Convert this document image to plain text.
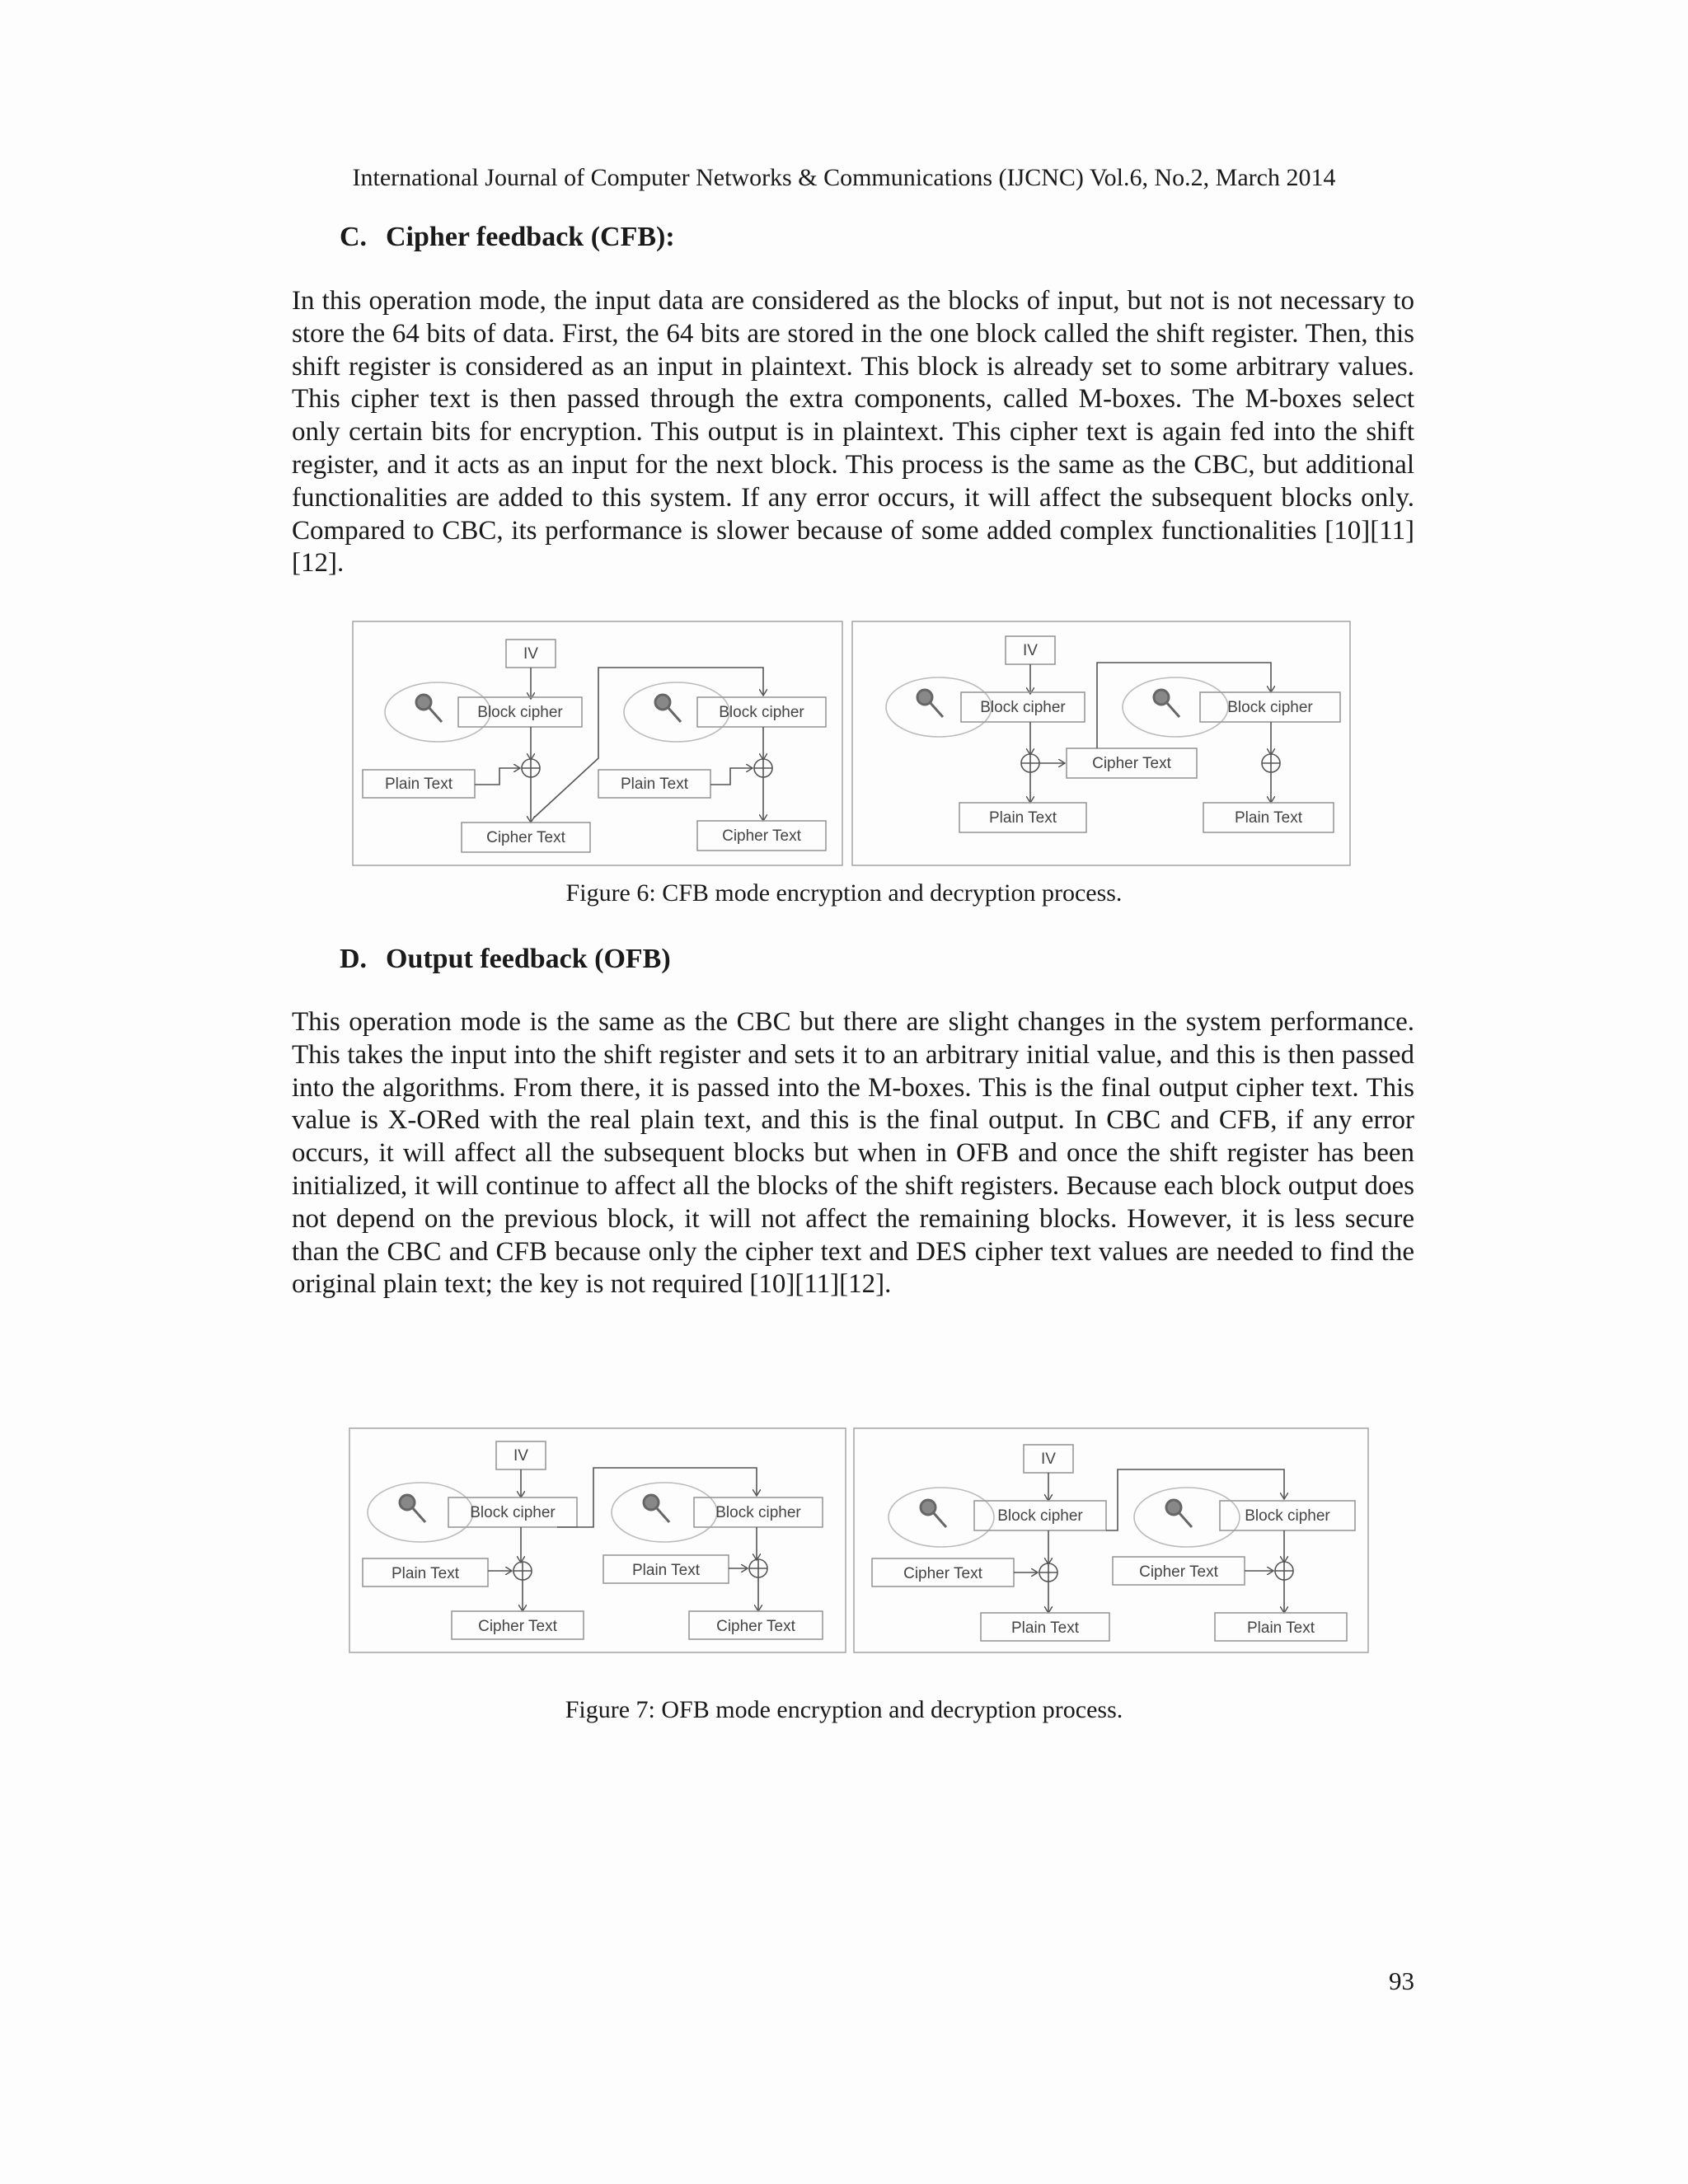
International Journal of Computer Networks & Communications (IJCNC) Vol.6, No.2, March 2014
C. Cipher feedback (CFB):
In this operation mode, the input data are considered as the blocks of input, but not is not necessary to store the 64 bits of data. First, the 64 bits are stored in the one block called the shift register. Then, this shift register is considered as an input in plaintext. This block is already set to some arbitrary values. This cipher text is then passed through the extra components, called M-boxes. The M-boxes select only certain bits for encryption. This output is in plaintext. This cipher text is again fed into the shift register, and it acts as an input for the next block. This process is the same as the CBC, but additional functionalities are added to this system. If any error occurs, it will affect the subsequent blocks only. Compared to CBC, its performance is slower because of some added complex functionalities [10][11][12].
IV
Block cipher
Plain Text
Cipher Text
Block cipher
Plain Text
Cipher Text
IV
Block cipher
Cipher Text
Plain Text
Block cipher
Plain Text
Figure 6: CFB mode encryption and decryption process.
D. Output feedback (OFB)
This operation mode is the same as the CBC but there are slight changes in the system performance. This takes the input into the shift register and sets it to an arbitrary initial value, and this is then passed into the algorithms. From there, it is passed into the M-boxes. This is the final output cipher text. This value is X-ORed with the real plain text, and this is the final output. In CBC and CFB, if any error occurs, it will affect all the subsequent blocks but when in OFB and once the shift register has been initialized, it will continue to affect all the blocks of the shift registers. Because each block output does not depend on the previous block, it will not affect the remaining blocks. However, it is less secure than the CBC and CFB because only the cipher text and DES cipher text values are needed to find the original plain text; the key is not required [10][11][12].
IV
Block cipher
Plain Text
Cipher Text
Block cipher
Plain Text
Cipher Text
IV
Block cipher
Cipher Text
Plain Text
Block cipher
Cipher Text
Plain Text
Figure 7: OFB mode encryption and decryption process.
93
